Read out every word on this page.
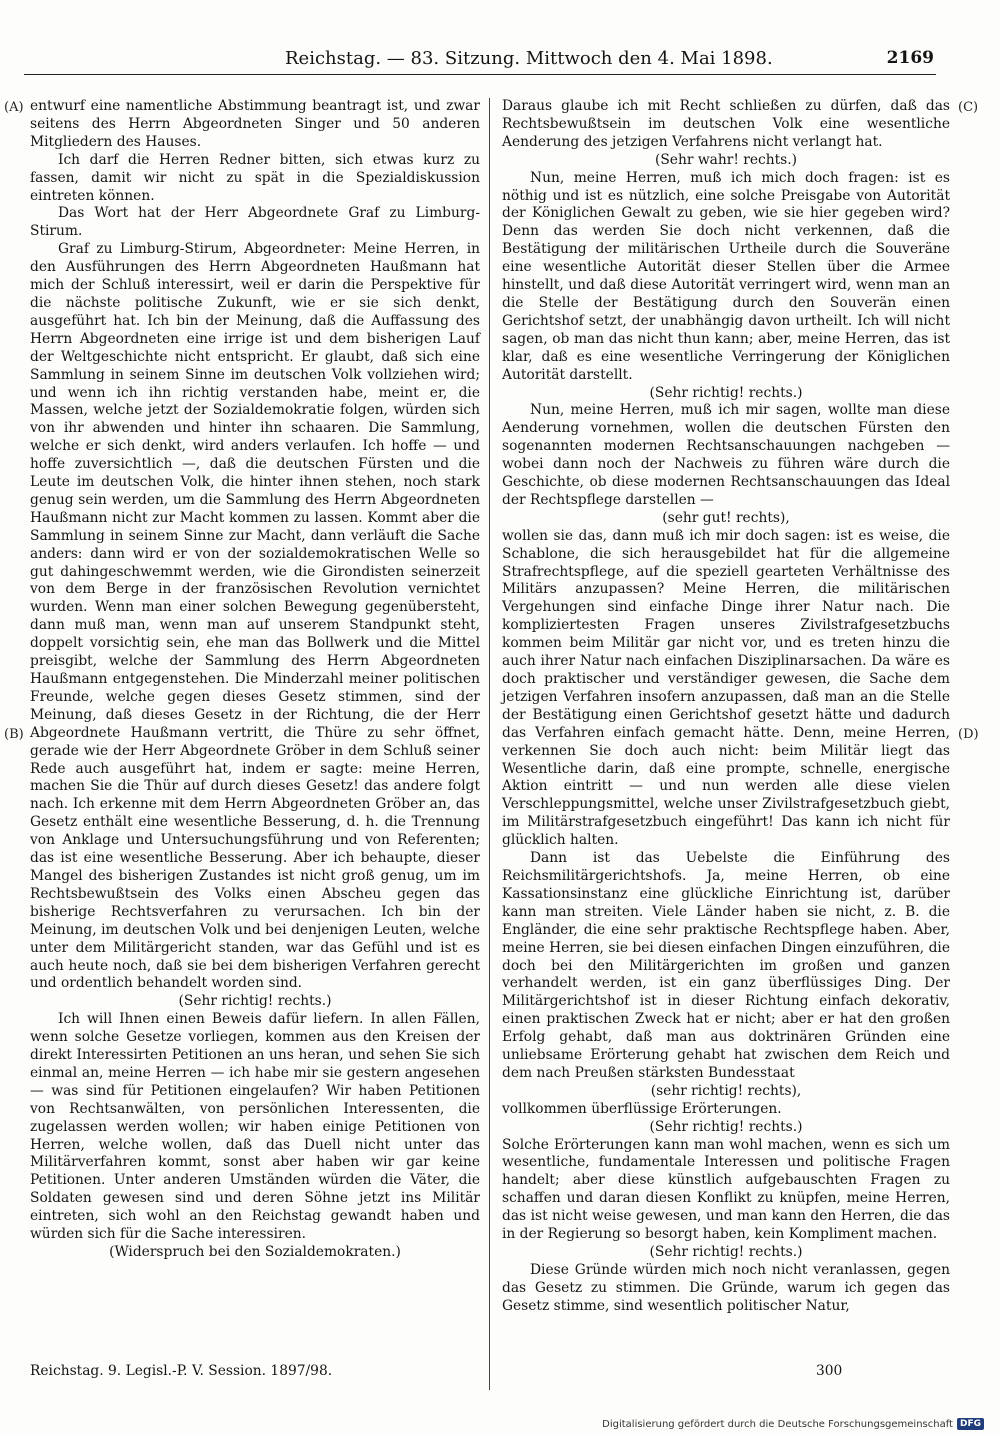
Reichstag. — 83. Sitzung. Mittwoch den 4. Mai 1898.	2169
(A)
(B)
(C)
(D)

entwurf eine namentliche Abstimmung beantragt ist, und zwar seitens des Herrn Abgeordneten Singer und 50 anderen Mitgliedern des Hauses.

Ich darf die Herren Redner bitten, sich etwas kurz zu fassen, damit wir nicht zu spät in die Spezialdiskussion eintreten können.

Das Wort hat der Herr Abgeordnete Graf zu Limburg-Stirum.

Graf zu Limburg-Stirum, Abgeordneter: Meine Herren, in den Ausführungen des Herrn Abgeordneten Haußmann hat mich der Schluß interessirt, weil er darin die Perspektive für die nächste politische Zukunft, wie er sie sich denkt, ausgeführt hat. Ich bin der Meinung, daß die Auffassung des Herrn Abgeordneten eine irrige ist und dem bisherigen Lauf der Weltgeschichte nicht entspricht. Er glaubt, daß sich eine Sammlung in seinem Sinne im deutschen Volk vollziehen wird; und wenn ich ihn richtig verstanden habe, meint er, die Massen, welche jetzt der Sozialdemokratie folgen, würden sich von ihr abwenden und hinter ihn schaaren. Die Sammlung, welche er sich denkt, wird anders verlaufen. Ich hoffe — und hoffe zuversichtlich —, daß die deutschen Fürsten und die Leute im deutschen Volk, die hinter ihnen stehen, noch stark genug sein werden, um die Sammlung des Herrn Abgeordneten Haußmann nicht zur Macht kommen zu lassen. Kommt aber die Sammlung in seinem Sinne zur Macht, dann verläuft die Sache anders: dann wird er von der sozialdemokratischen Welle so gut dahingeschwemmt werden, wie die Girondisten seinerzeit von dem Berge in der französischen Revolution vernichtet wurden. Wenn man einer solchen Bewegung gegenübersteht, dann muß man, wenn man auf unserem Standpunkt steht, doppelt vorsichtig sein, ehe man das Bollwerk und die Mittel preisgibt, welche der Sammlung des Herrn Abgeordneten Haußmann entgegenstehen. Die Minderzahl meiner politischen Freunde, welche gegen dieses Gesetz stimmen, sind der Meinung, daß dieses Gesetz in der Richtung, die der Herr Abgeordnete Haußmann vertritt, die Thüre zu sehr öffnet, gerade wie der Herr Abgeordnete Gröber in dem Schluß seiner Rede auch ausgeführt hat, indem er sagte: meine Herren, machen Sie die Thür auf durch dieses Gesetz! das andere folgt nach. Ich erkenne mit dem Herrn Abgeordneten Gröber an, das Gesetz enthält eine wesentliche Besserung, d. h. die Trennung von Anklage und Untersuchungsführung und von Referenten; das ist eine wesentliche Besserung. Aber ich behaupte, dieser Mangel des bisherigen Zustandes ist nicht groß genug, um im Rechtsbewußtsein des Volks einen Abscheu gegen das bisherige Rechtsverfahren zu verursachen. Ich bin der Meinung, im deutschen Volk und bei denjenigen Leuten, welche unter dem Militärgericht standen, war das Gefühl und ist es auch heute noch, daß sie bei dem bisherigen Verfahren gerecht und ordentlich behandelt worden sind.

(Sehr richtig! rechts.)

Ich will Ihnen einen Beweis dafür liefern. In allen Fällen, wenn solche Gesetze vorliegen, kommen aus den Kreisen der direkt Interessirten Petitionen an uns heran, und sehen Sie sich einmal an, meine Herren — ich habe mir sie gestern angesehen — was sind für Petitionen eingelaufen? Wir haben Petitionen von Rechtsanwälten, von persönlichen Interessenten, die zugelassen werden wollen; wir haben einige Petitionen von Herren, welche wollen, daß das Duell nicht unter das Militärverfahren kommt, sonst aber haben wir gar keine Petitionen. Unter anderen Umständen würden die Väter, die Soldaten gewesen sind und deren Söhne jetzt ins Militär eintreten, sich wohl an den Reichstag gewandt haben und würden sich für die Sache interessiren.

(Widerspruch bei den Sozialdemokraten.)

Daraus glaube ich mit Recht schließen zu dürfen, daß das Rechtsbewußtsein im deutschen Volk eine wesentliche Aenderung des jetzigen Verfahrens nicht verlangt hat.

(Sehr wahr! rechts.)

Nun, meine Herren, muß ich mich doch fragen: ist es nöthig und ist es nützlich, eine solche Preisgabe von Autorität der Königlichen Gewalt zu geben, wie sie hier gegeben wird? Denn das werden Sie doch nicht verkennen, daß die Bestätigung der militärischen Urtheile durch die Souveräne eine wesentliche Autorität dieser Stellen über die Armee hinstellt, und daß diese Autorität verringert wird, wenn man an die Stelle der Bestätigung durch den Souverän einen Gerichtshof setzt, der unabhängig davon urtheilt. Ich will nicht sagen, ob man das nicht thun kann; aber, meine Herren, das ist klar, daß es eine wesentliche Verringerung der Königlichen Autorität darstellt.

(Sehr richtig! rechts.)

Nun, meine Herren, muß ich mir sagen, wollte man diese Aenderung vornehmen, wollen die deutschen Fürsten den sogenannten modernen Rechtsanschauungen nachgeben — wobei dann noch der Nachweis zu führen wäre durch die Geschichte, ob diese modernen Rechtsanschauungen das Ideal der Rechtspflege darstellen —

(sehr gut! rechts),

wollen sie das, dann muß ich mir doch sagen: ist es weise, die Schablone, die sich herausgebildet hat für die allgemeine Strafrechtspflege, auf die speziell gearteten Verhältnisse des Militärs anzupassen? Meine Herren, die militärischen Vergehungen sind einfache Dinge ihrer Natur nach. Die kompliziertesten Fragen unseres Zivilstrafgesetzbuchs kommen beim Militär gar nicht vor, und es treten hinzu die auch ihrer Natur nach einfachen Disziplinarsachen. Da wäre es doch praktischer und verständiger gewesen, die Sache dem jetzigen Verfahren insofern anzupassen, daß man an die Stelle der Bestätigung einen Gerichtshof gesetzt hätte und dadurch das Verfahren einfach gemacht hätte. Denn, meine Herren, verkennen Sie doch auch nicht: beim Militär liegt das Wesentliche darin, daß eine prompte, schnelle, energische Aktion eintritt — und nun werden alle diese vielen Verschleppungsmittel, welche unser Zivilstrafgesetzbuch giebt, im Militärstrafgesetzbuch eingeführt! Das kann ich nicht für glücklich halten.

Dann ist das Uebelste die Einführung des Reichsmilitärgerichtshofs. Ja, meine Herren, ob eine Kassationsinstanz eine glückliche Einrichtung ist, darüber kann man streiten. Viele Länder haben sie nicht, z. B. die Engländer, die eine sehr praktische Rechtspflege haben. Aber, meine Herren, sie bei diesen einfachen Dingen einzuführen, die doch bei den Militärgerichten im großen und ganzen verhandelt werden, ist ein ganz überflüssiges Ding. Der Militärgerichtshof ist in dieser Richtung einfach dekorativ, einen praktischen Zweck hat er nicht; aber er hat den großen Erfolg gehabt, daß man aus doktrinären Gründen eine unliebsame Erörterung gehabt hat zwischen dem Reich und dem nach Preußen stärksten Bundesstaat

(sehr richtig! rechts),

vollkommen überflüssige Erörterungen.

(Sehr richtig! rechts.)

Solche Erörterungen kann man wohl machen, wenn es sich um wesentliche, fundamentale Interessen und politische Fragen handelt; aber diese künstlich aufgebauschten Fragen zu schaffen und daran diesen Konflikt zu knüpfen, meine Herren, das ist nicht weise gewesen, und man kann den Herren, die das in der Regierung so besorgt haben, kein Kompliment machen.

(Sehr richtig! rechts.)

Diese Gründe würden mich noch nicht veranlassen, gegen das Gesetz zu stimmen. Die Gründe, warum ich gegen das Gesetz stimme, sind wesentlich politischer Natur,

Reichstag. 9. Legisl.-P. V. Session. 1897/98.	300
Digitalisierung gefördert durch die Deutsche Forschungsgemeinschaft DFG
